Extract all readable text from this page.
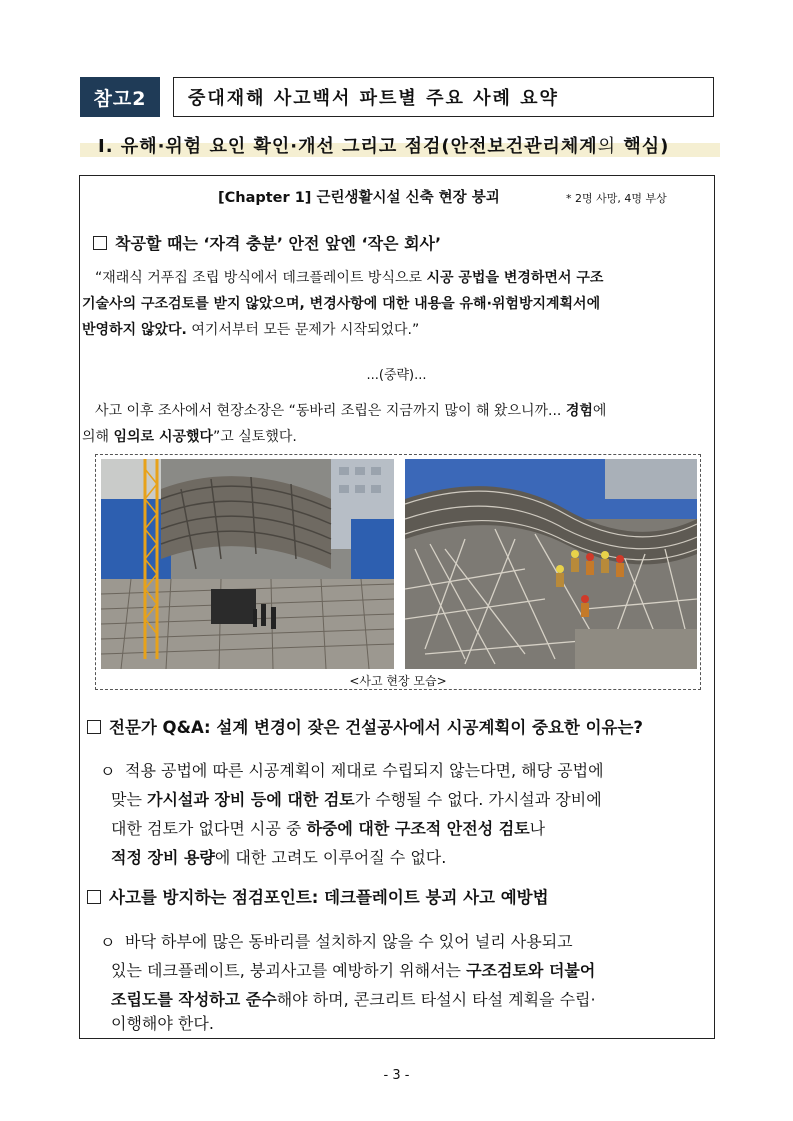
참고2	중대재해 사고백서 파트별 주요 사례 요약
Ⅰ. 유해·위험 요인 확인·개선 그리고 점검(안전보건관리체계의 핵심)
[Chapter 1] 근린생활시설 신축 현장 붕괴	* 2명 사망, 4명 부상
착공할 때는 ‘자격 충분’ 안전 앞엔 ‘작은 회사’
“재래식 거푸집 조립 방식에서 데크플레이트 방식으로 시공 공법을 변경하면서 구조
기술사의 구조검토를 받지 않았으며, 변경사항에 대한 내용을 유해·위험방지계획서에
반영하지 않았다. 여기서부터 모든 문제가 시작되었다.”
...(중략)...
사고 이후 조사에서 현장소장은 “동바리 조립은 지금까지 많이 해 왔으니까... 경험에
의해 임의로 시공했다”고 실토했다.
<사고 현장 모습>
전문가 Q&A: 설계 변경이 잦은 건설공사에서 시공계획이 중요한 이유는?
ㅇ 적용 공법에 따른 시공계획이 제대로 수립되지 않는다면, 해당 공법에
맞는 가시설과 장비 등에 대한 검토가 수행될 수 없다. 가시설과 장비에
대한 검토가 없다면 시공 중 하중에 대한 구조적 안전성 검토나
적정 장비 용량에 대한 고려도 이루어질 수 없다.
사고를 방지하는 점검포인트: 데크플레이트 붕괴 사고 예방법
ㅇ 바닥 하부에 많은 동바리를 설치하지 않을 수 있어 널리 사용되고
있는 데크플레이트, 붕괴사고를 예방하기 위해서는 구조검토와 더불어
조립도를 작성하고 준수해야 하며, 콘크리트 타설시 타설 계획을 수립·
이행해야 한다.
- 3 -
